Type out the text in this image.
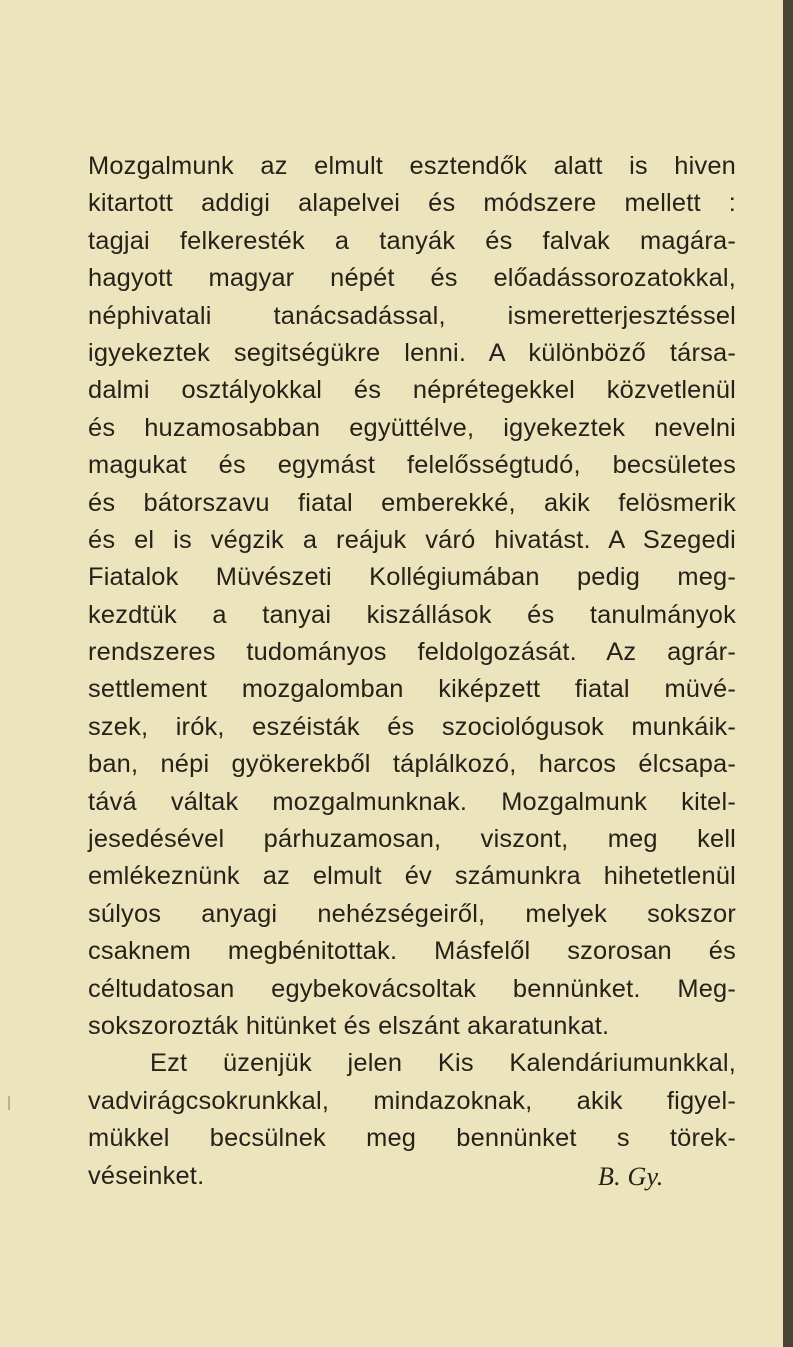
Mozgalmunk az elmult esztendők alatt is hiven
kitartott addigi alapelvei és módszere mellett :
tagjai felkeresték a tanyák és falvak magára-
hagyott magyar népét és előadássorozatokkal,
néphivatali tanácsadással, ismeretterjesztéssel
igyekeztek segitségükre lenni. A különböző társa-
dalmi osztályokkal és néprétegekkel közvetlenül
és huzamosabban együttélve, igyekeztek nevelni
magukat és egymást felelősségtudó, becsületes
és bátorszavu fiatal emberekké, akik felösmerik
és el is végzik a reájuk váró hivatást. A Szegedi
Fiatalok Müvészeti Kollégiumában pedig meg-
kezdtük a tanyai kiszállások és tanulmányok
rendszeres tudományos feldolgozását. Az agrár-
settlement mozgalomban kiképzett fiatal müvé-
szek, irók, eszéisták és szociológusok munkáik-
ban, népi gyökerekből táplálkozó, harcos élcsapa-
tává váltak mozgalmunknak. Mozgalmunk kitel-
jesedésével párhuzamosan, viszont, meg kell
emlékeznünk az elmult év számunkra hihetetlenül
súlyos anyagi nehézségeiről, melyek sokszor
csaknem megbénitottak. Másfelől szorosan és
céltudatosan egybekovácsoltak bennünket. Meg-
sokszorozták hitünket és elszánt akaratunkat.
Ezt üzenjük jelen Kis Kalendáriumunkkal,
vadvirágcsokrunkkal, mindazoknak, akik figyel-
mükkel becsülnek meg bennünket s törek-
véseinket.	B. Gy.
